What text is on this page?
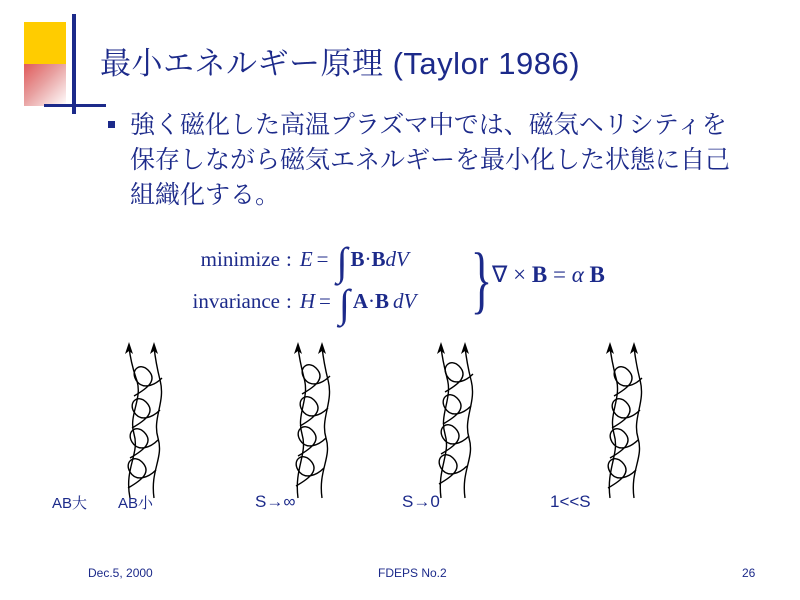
最小エネルギー原理 (Taylor 1986)
強く磁化した高温プラズマ中では、磁気ヘリシティを保存しながら磁気エネルギーを最小化した状態に自己組織化する。
minimize : E = ∫ B · B dV
invariance : H = ∫ A · B dV } ∇ × B = α B
AB大 AB小	S→∞	S→0	1<<S
Dec.5, 2000	FDEPS No.2	26
